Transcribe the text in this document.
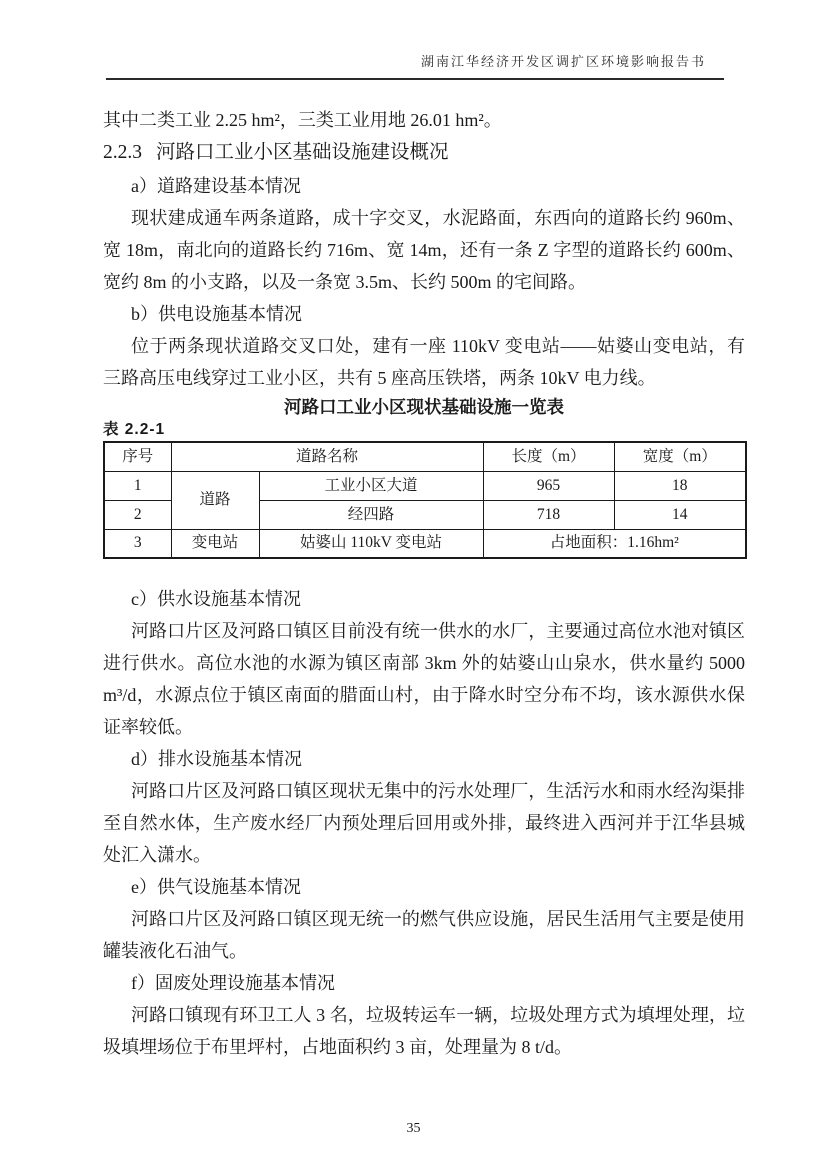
湖南江华经济开发区调扩区环境影响报告书

其中二类工业 2.25 hm²，三类工业用地 26.01 hm²。

2.2.3 河路口工业小区基础设施建设概况

a）道路建设基本情况

现状建成通车两条道路，成十字交叉，水泥路面，东西向的道路长约 960m、宽 18m，南北向的道路长约 716m、宽 14m，还有一条 Z 字型的道路长约 600m、宽约 8m 的小支路，以及一条宽 3.5m、长约 500m 的宅间路。

b）供电设施基本情况

位于两条现状道路交叉口处，建有一座 110kV 变电站——姑婆山变电站，有三路高压电线穿过工业小区，共有 5 座高压铁塔，两条 10kV 电力线。

河路口工业小区现状基础设施一览表
表 2.2-1
序号	道路名称		长度（m）	宽度（m）
1	道路	工业小区大道	965	18
2		经四路	718	14
3	变电站	姑婆山 110kV 变电站	占地面积：1.16hm²	

c）供水设施基本情况

河路口片区及河路口镇区目前没有统一供水的水厂，主要通过高位水池对镇区进行供水。高位水池的水源为镇区南部 3km 外的姑婆山山泉水，供水量约 5000 m³/d，水源点位于镇区南面的腊面山村，由于降水时空分布不均，该水源供水保证率较低。

d）排水设施基本情况

河路口片区及河路口镇区现状无集中的污水处理厂，生活污水和雨水经沟渠排至自然水体，生产废水经厂内预处理后回用或外排，最终进入西河并于江华县城处汇入潇水。

e）供气设施基本情况

河路口片区及河路口镇区现无统一的燃气供应设施，居民生活用气主要是使用罐装液化石油气。

f）固废处理设施基本情况

河路口镇现有环卫工人 3 名，垃圾转运车一辆，垃圾处理方式为填埋处理，垃圾填埋场位于布里坪村，占地面积约 3 亩，处理量为 8 t/d。

35
